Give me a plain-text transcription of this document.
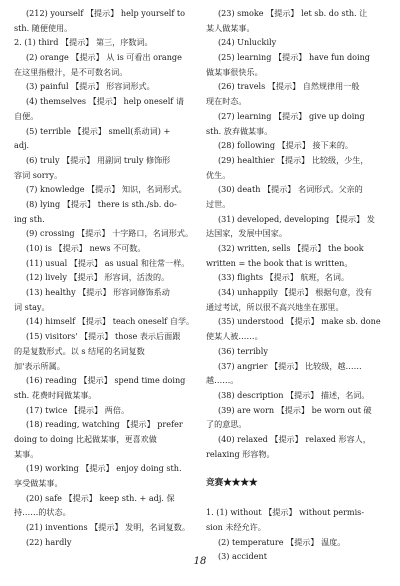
(212) yourself 【提示】 help yourself to
sth. 随便使用。
2. (1) third 【提示】 第三，序数词。
(2) orange 【提示】 从 is 可看出 orange
在这里指橙汁，是不可数名词。
(3) painful 【提示】 形容词形式。
(4) themselves 【提示】 help oneself 请
自便。
(5) terrible 【提示】 smell(系动词) +
adj.
(6) truly 【提示】 用副词 truly 修饰形
容词 sorry。
(7) knowledge 【提示】 知识，名词形式。
(8) lying 【提示】 there is sth./sb. do-
ing sth.
(9) crossing 【提示】 十字路口，名词形式。
(10) is 【提示】 news 不可数。
(11) usual 【提示】 as usual 和往常一样。
(12) lively 【提示】 形容词，活泼的。
(13) healthy 【提示】 形容词修饰系动
词 stay。
(14) himself 【提示】 teach oneself 自学。
(15) visitors' 【提示】 those 表示后面跟
的是复数形式。以 s 结尾的名词复数
加'表示所属。
(16) reading 【提示】 spend time doing
sth. 花费时间做某事。
(17) twice 【提示】 两倍。
(18) reading, watching 【提示】 prefer
doing to doing 比起做某事，更喜欢做
某事。
(19) working 【提示】 enjoy doing sth.
享受做某事。
(20) safe 【提示】 keep sth. + adj. 保
持……的状态。
(21) inventions 【提示】 发明，名词复数。
(22) hardly
(23) smoke 【提示】 let sb. do sth. 让
某人做某事。
(24) Unluckily
(25) learning 【提示】 have fun doing
做某事很快乐。
(26) travels 【提示】 自然规律用一般
现在时态。
(27) learning 【提示】 give up doing
sth. 放弃做某事。
(28) following 【提示】 接下来的。
(29) healthier 【提示】 比较级，少生，
优生。
(30) death 【提示】 名词形式。父亲的
过世。
(31) developed, developing 【提示】 发
达国家，发展中国家。
(32) written, sells 【提示】 the book
written = the book that is written。
(33) flights 【提示】 航班，名词。
(34) unhappily 【提示】 根据句意，没有
通过考试，所以很不高兴地坐在那里。
(35) understood 【提示】 make sb. done
使某人被……。
(36) terribly
(37) angrier 【提示】 比较级，越……
越……。
(38) description 【提示】 描述，名词。
(39) are worn 【提示】 be worn out 破
了的意思。
(40) relaxed 【提示】 relaxed 形容人，
relaxing 形容物。
竞赛★★★★
1. (1) without 【提示】 without permis-
sion 未经允许。
(2) temperature 【提示】 温度。
(3) accident
18
